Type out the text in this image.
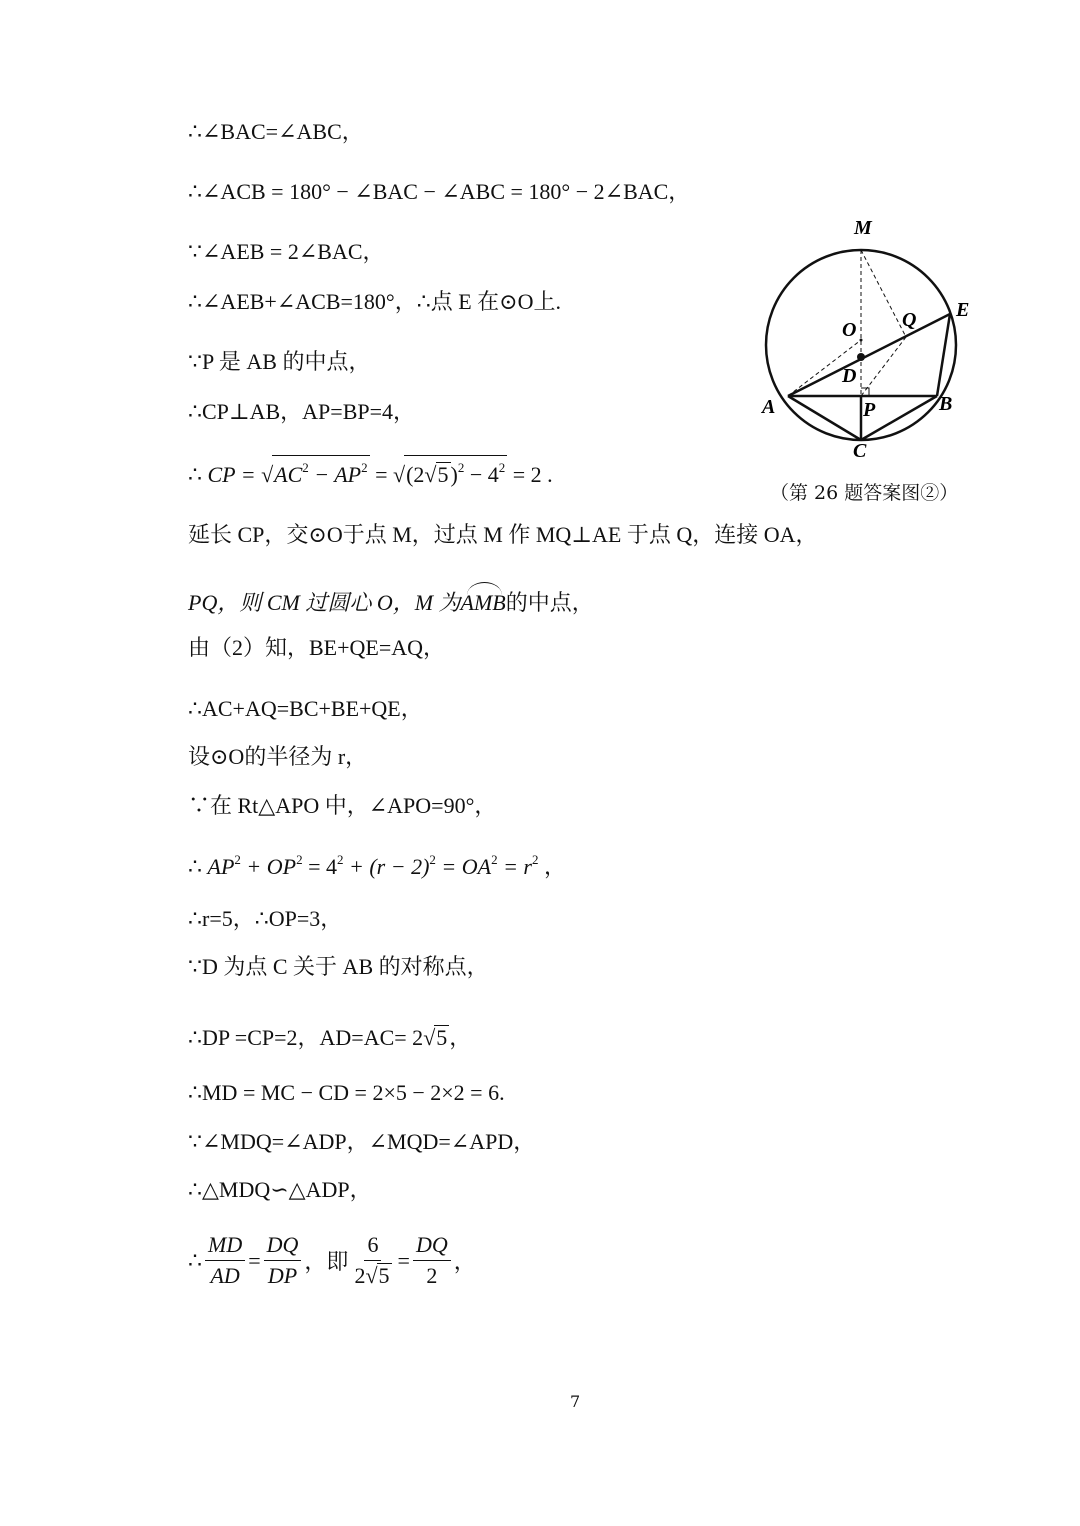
∴∠BAC=∠ABC，
∴∠ACB = 180° − ∠BAC − ∠ABC = 180° − 2∠BAC，
∵∠AEB = 2∠BAC，
∴∠AEB+∠ACB=180°，∴点 E 在⊙O上.
∵P 是 AB 的中点，
∴CP⊥AB，AP=BP=4，
∴ CP = $√AC^2 - AP^2 = √(2√5)^2 - 4^2 = 2$ .
延长 CP，交⊙O于点 M，过点 M 作 MQ⊥AE 于点 Q，连接 OA，
PQ，则 CM 过圆心 O，M 为AMB的中点，
由（2）知，BE+QE=AQ，
∴AC+AQ=BC+BE+QE，
设⊙O的半径为 r，
∵在 Rt△APO 中，∠APO=90°，
∴ $AP^2 + OP^2 = 4^2 + (r - 2)^2 = OA^2 = r^2$ ，
∴r=5，∴OP=3，
∵D 为点 C 关于 AB 的对称点，
∴DP =CP=2，AD=AC= 2√5，
∴MD = MC − CD = 2×5 − 2×2 = 6.
∵∠MDQ=∠ADP，∠MQD=∠APD，
∴△MDQ∽△ADP，
∴ $\frac{MD}{AD} = \frac{DQ}{DP}$ ，即 $\frac{6}{2√5} = \frac{DQ}{2}$ ，
M
E
O Q
D
A	P	B
C
（第 26 题答案图②）
7
